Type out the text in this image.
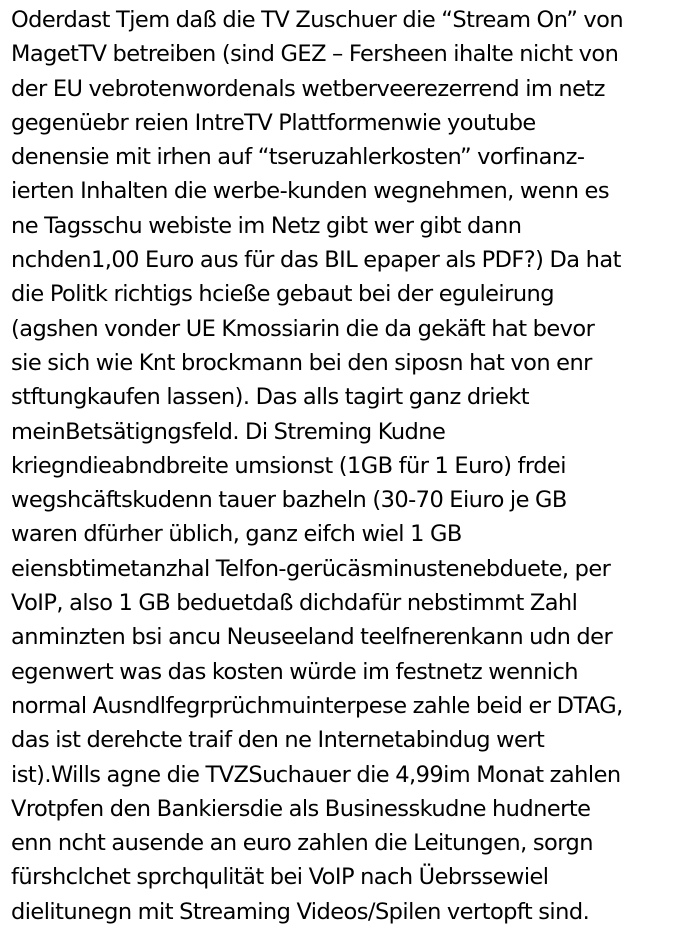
Oderdast Tjem daß die TV Zuschuer die “Stream On” von
MagetTV betreiben (sind GEZ – Fersheen ihalte nicht von
der EU vebrotenwordenals wetberveerezerrend im netz
gegenüebr reien IntreTV Plattformenwie youtube
denensie mit irhen auf “tseruzahlerkosten” vorfinanz-
ierten Inhalten die werbe-kunden wegnehmen, wenn es
ne Tagsschu webiste im Netz gibt wer gibt dann
nchden1,00 Euro aus für das BIL epaper als PDF?) Da hat
die Politk richtigs hcieße gebaut bei der eguleirung
(agshen vonder UE Kmossiarin die da gekäft hat bevor
sie sich wie Knt brockmann bei den siposn hat von enr
stftungkaufen lassen). Das alls tagirt ganz driekt
meinBetsätigngsfeld. Di Streming Kudne
kriegndieabndbreite umsionst (1GB für 1 Euro) frdei
wegshcäftskudenn tauer bazheln (30-70 Eiuro je GB
waren dfürher üblich, ganz eifch wiel 1 GB
eiensbtimetanzhal Telfon-gerücäsminustenebduete, per
VoIP, also 1 GB beduetdaß dichdafür nebstimmt Zahl
anminzten bsi ancu Neuseeland teelfnerenkann udn der
egenwert was das kosten würde im festnetz wennich
normal Ausndlfegrprüchmuinterpese zahle beid er DTAG,
das ist derehcte traif den ne Internetabindug wert
ist).Wills agne die TVZSuchauer die 4,99im Monat zahlen
Vrotpfen den Bankiersdie als Businesskudne hudnerte
enn ncht ausende an euro zahlen die Leitungen, sorgn
fürshclchet sprchqulität bei VoIP nach Üebrssewiel
dielitunegn mit Streaming Videos/Spilen vertopft sind.
